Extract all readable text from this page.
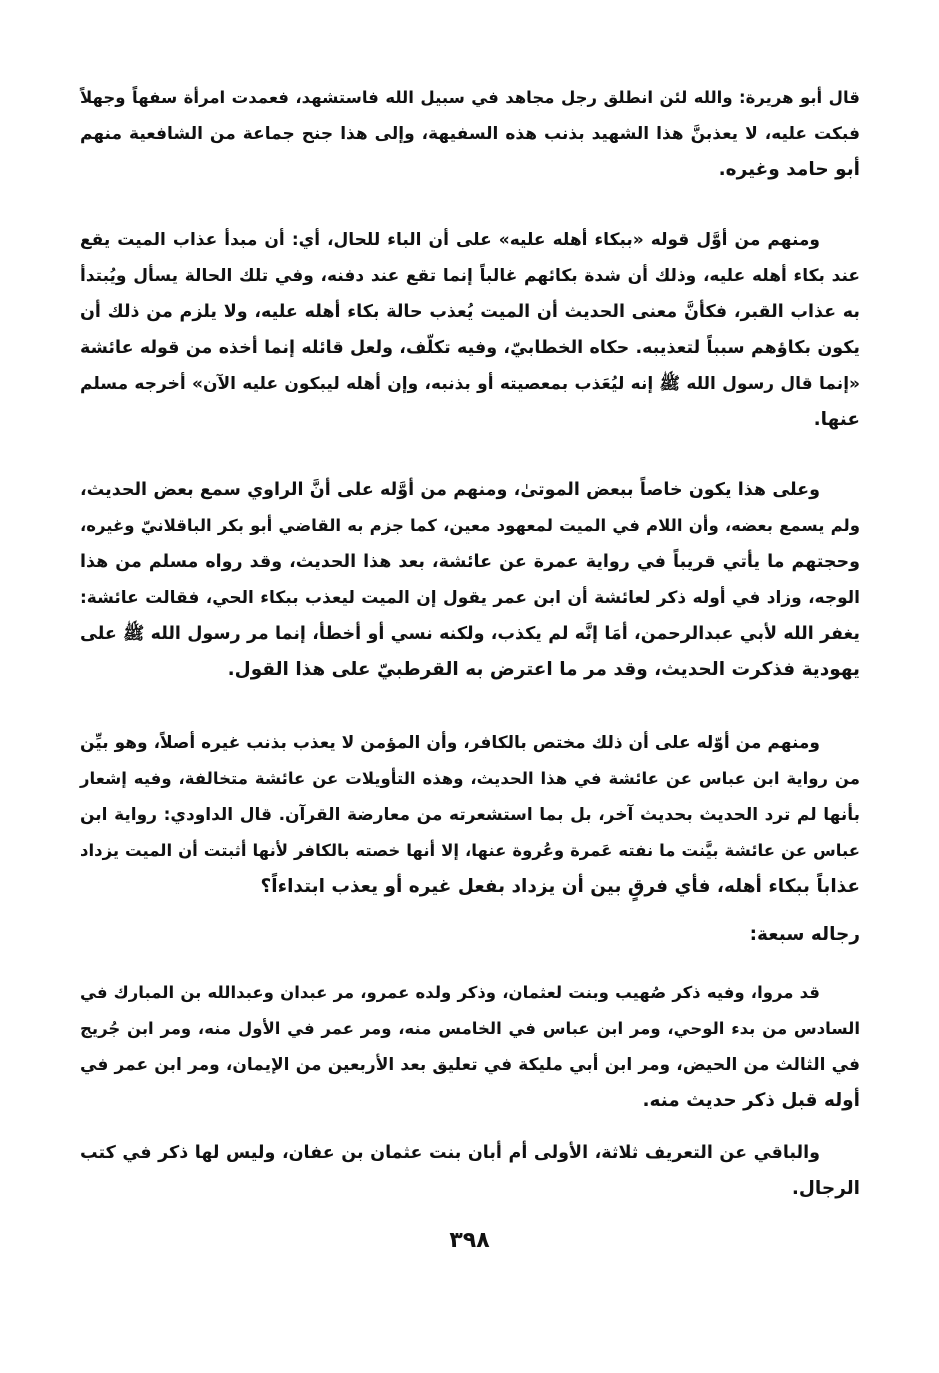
قال أبو هريرة: والله لئن انطلق رجل مجاهد في سبيل الله فاستشهد، فعمدت امرأة سفهاً وجهلاً
فبكت عليه، لا يعذبنَّ هذا الشهيد بذنب هذه السفيهة، وإلى هذا جنح جماعة من الشافعية منهم
أبو حامد وغيره.
ومنهم من أوَّل قوله «ببكاء أهله عليه» على أن الباء للحال، أي: أن مبدأ عذاب الميت يقع
عند بكاء أهله عليه، وذلك أن شدة بكائهم غالباً إنما تقع عند دفنه، وفي تلك الحالة يسأل ويُبتدأ
به عذاب القبر، فكأنَّ معنى الحديث أن الميت يُعذب حالة بكاء أهله عليه، ولا يلزم من ذلك أن
يكون بكاؤهم سبباً لتعذيبه. حكاه الخطابيّ، وفيه تكلّف، ولعل قائله إنما أخذه من قوله عائشة
«إنما قال رسول الله ﷺ إنه ليُعَذب بمعصيته أو بذنبه، وإن أهله ليبكون عليه الآن» أخرجه مسلم
عنها.
وعلى هذا يكون خاصاً ببعض الموتىٰ، ومنهم من أوَّله على أنَّ الراوي سمع بعض الحديث،
ولم يسمع بعضه، وأن اللام في الميت لمعهود معين، كما جزم به القاضي أبو بكر الباقلانيّ وغيره،
وحجتهم ما يأتي قريباً في رواية عمرة عن عائشة، بعد هذا الحديث، وقد رواه مسلم من هذا
الوجه، وزاد في أوله ذكر لعائشة أن ابن عمر يقول إن الميت ليعذب ببكاء الحي، فقالت عائشة:
يغفر الله لأبي عبدالرحمن، أمَا إنَّه لم يكذب، ولكنه نسي أو أخطأ، إنما مر رسول الله ﷺ على
يهودية فذكرت الحديث، وقد مر ما اعترض به القرطبيّ على هذا القول.
ومنهم من أوّله على أن ذلك مختص بالكافر، وأن المؤمن لا يعذب بذنب غيره أصلاً، وهو بيِّن
من رواية ابن عباس عن عائشة في هذا الحديث، وهذه التأويلات عن عائشة متخالفة، وفيه إشعار
بأنها لم ترد الحديث بحديث آخر، بل بما استشعرته من معارضة القرآن. قال الداودي: رواية ابن
عباس عن عائشة بيَّنت ما نفته عَمرة وعُروة عنها، إلا أنها خصته بالكافر لأنها أثبتت أن الميت يزداد
عذاباً ببكاء أهله، فأي فرقٍ بين أن يزداد بفعل غيره أو يعذب ابتداءاً؟
رجاله سبعة:
قد مروا، وفيه ذكر صُهيب وبنت لعثمان، وذكر ولده عمرو، مر عبدان وعبدالله بن المبارك في
السادس من بدء الوحي، ومر ابن عباس في الخامس منه، ومر عمر في الأول منه، ومر ابن جُريج
في الثالث من الحيض، ومر ابن أبي مليكة في تعليق بعد الأربعين من الإيمان، ومر ابن عمر في
أوله قبل ذكر حديث منه.
والباقي عن التعريف ثلاثة، الأولى أم أبان بنت عثمان بن عفان، وليس لها ذكر في كتب
الرجال.
٣٩٨
